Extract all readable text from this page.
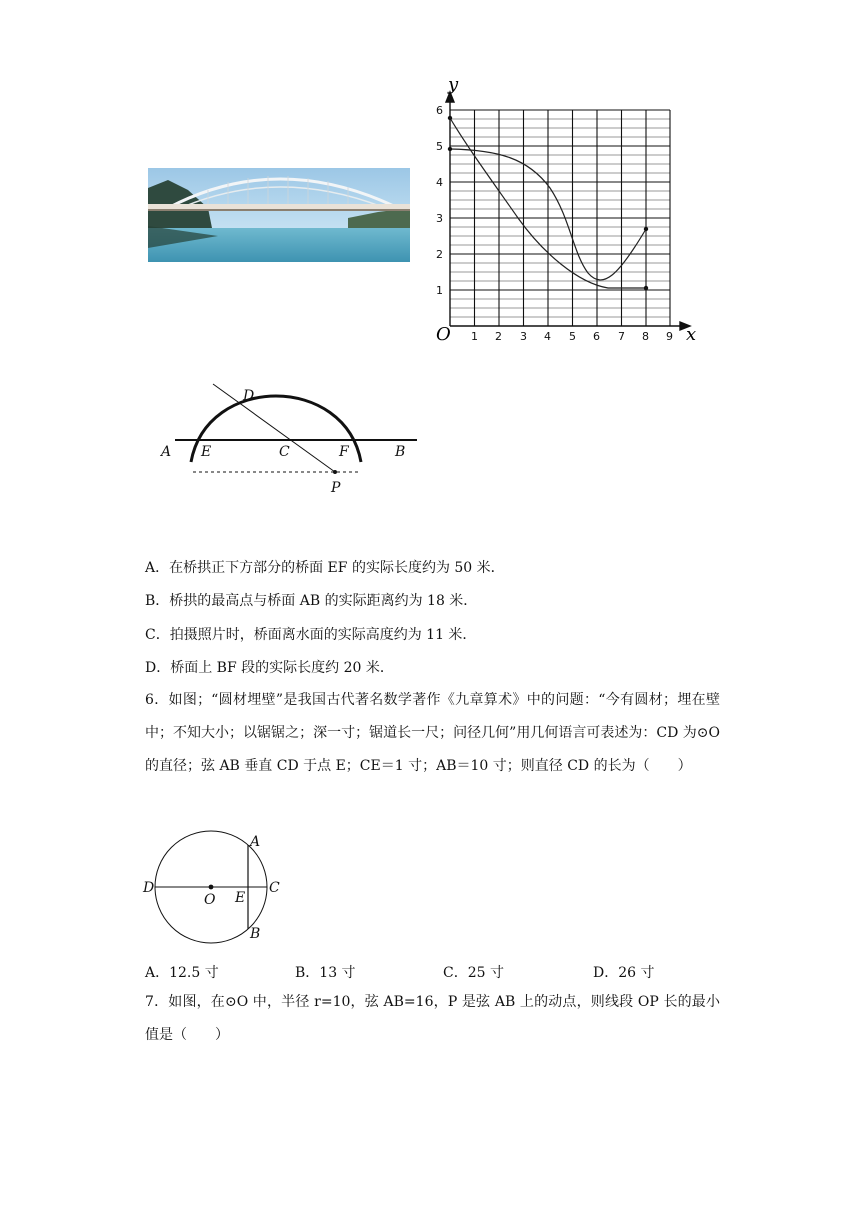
1 2 3 4 5 6 7 8 9
1
2
3
4
5
6
y
x
O
A E	C	F	B
D
P
A．在桥拱正下方部分的桥面 EF 的实际长度约为 50 米．
B．桥拱的最高点与桥面 AB 的实际距离约为 18 米．
C．拍摄照片时，桥面离水面的实际高度约为 11 米．
D．桥面上 BF 段的实际长度约 20 米．
6．如图；“圆材埋壁”是我国古代著名数学著作《九章算术》中的问题：“今有圆材；埋在壁中；不知大小；以锯锯之；深一寸；锯道长一尺；问径几何”用几何语言可表述为：CD 为⊙O 的直径；弦 AB 垂直 CD 于点 E；CE＝1 寸；AB＝10 寸；则直径 CD 的长为（　　）
A
B
C
D
O E
A．12.5 寸	B．13 寸	C．25 寸	D．26 寸
7．如图，在⊙O 中，半径 r=10，弦 AB=16，P 是弦 AB 上的动点，则线段 OP 长的最小值是（　　）
